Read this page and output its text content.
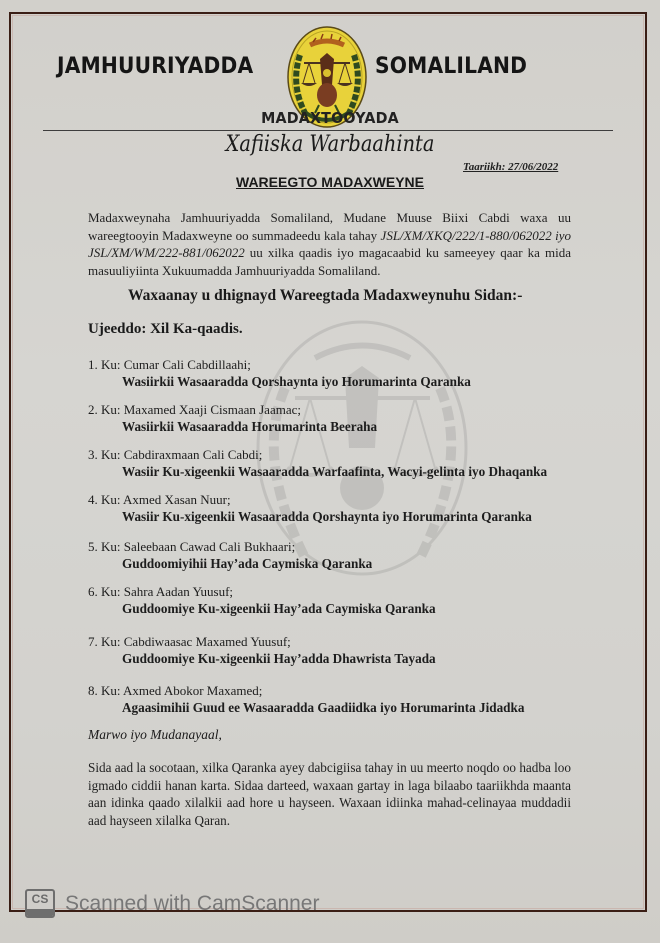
JAMHUURIYADDA	SOMALILAND
MADAXTOOYADA
Xafiiska Warbaahinta
Taariikh: 27/06/2022
WAREEGTO MADAXWEYNE
Madaxweynaha Jamhuuriyadda Somaliland, Mudane Muuse Biixi Cabdi waxa uu wareegtooyin Madaxweyne oo summadeedu kala tahay JSL/XM/XKQ/222/1-880/062022 iyo JSL/XM/WM/222-881/062022 uu xilka qaadis iyo magacaabid ku sameeyey qaar ka mida masuuliyiinta Xukuumadda Jamhuuriyadda Somaliland.
Waxaanay u dhignayd Wareegtada Madaxweynuhu Sidan:-
Ujeeddo: Xil Ka-qaadis.
1. Ku: Cumar Cali Cabdillaahi;
Wasiirkii Wasaaradda Qorshaynta iyo Horumarinta Qaranka
2. Ku: Maxamed Xaaji Cismaan Jaamac;
Wasiirkii Wasaaradda Horumarinta Beeraha
3. Ku: Cabdiraxmaan Cali Cabdi;
Wasiir Ku-xigeenkii Wasaaradda Warfaafinta, Wacyi-gelinta iyo Dhaqanka
4. Ku: Axmed Xasan Nuur;
Wasiir Ku-xigeenkii Wasaaradda Qorshaynta iyo Horumarinta Qaranka
5. Ku: Saleebaan Cawad Cali Bukhaari;
Guddoomiyihii Hay’ada Caymiska Qaranka
6. Ku: Sahra Aadan Yuusuf;
Guddoomiye Ku-xigeenkii Hay’ada Caymiska Qaranka
7. Ku: Cabdiwaasac Maxamed Yuusuf;
Guddoomiye Ku-xigeenkii Hay’adda Dhawrista Tayada
8. Ku: Axmed Abokor Maxamed;
Agaasimihii Guud ee Wasaaradda Gaadiidka iyo Horumarinta Jidadka
Marwo iyo Mudanayaal,
Sida aad la socotaan, xilka Qaranka ayey dabcigiisa tahay in uu meerto noqdo oo hadba loo igmado ciddii hanan karta. Sidaa darteed, waxaan gartay in laga bilaabo taariikhda maanta aan idinka qaado xilalkii aad hore u hayseen. Waxaan idiinka mahad-celinayaa muddadii aad hayseen xilalka Qaran.
CS Scanned with CamScanner
